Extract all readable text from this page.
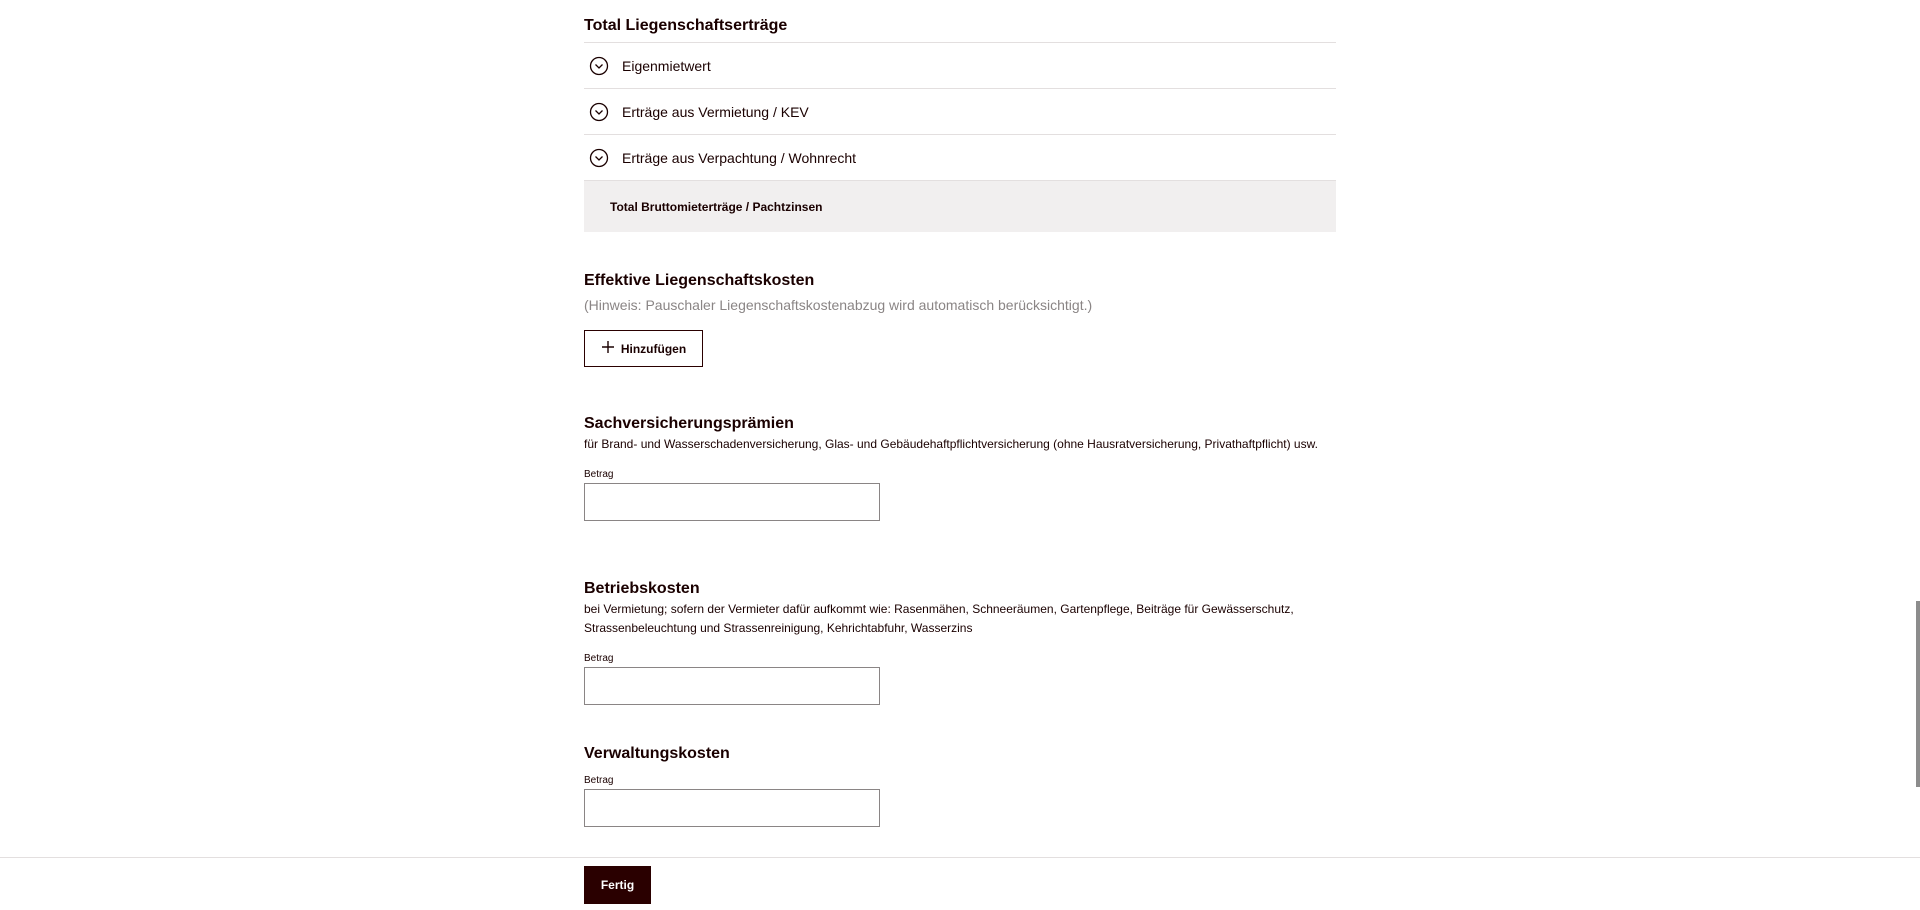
Total Liegenschaftserträge
Eigenmietwert
Erträge aus Vermietung / KEV
Erträge aus Verpachtung / Wohnrecht
Total Bruttomieterträge / Pachtzinsen
Effektive Liegenschaftskosten
(Hinweis: Pauschaler Liegenschaftskostenabzug wird automatisch berücksichtigt.)
Hinzufügen
Sachversicherungsprämien
für Brand- und Wasserschadenversicherung, Glas- und Gebäudehaftpflichtversicherung (ohne Hausratversicherung, Privathaftpflicht) usw.
Betrag
Betriebskosten
bei Vermietung; sofern der Vermieter dafür aufkommt wie: Rasenmähen, Schneeräumen, Gartenpflege, Beiträge für Gewässerschutz, Strassenbeleuchtung und Strassenreinigung, Kehrichtabfuhr, Wasserzins
Betrag
Verwaltungskosten
Betrag
Fertig
